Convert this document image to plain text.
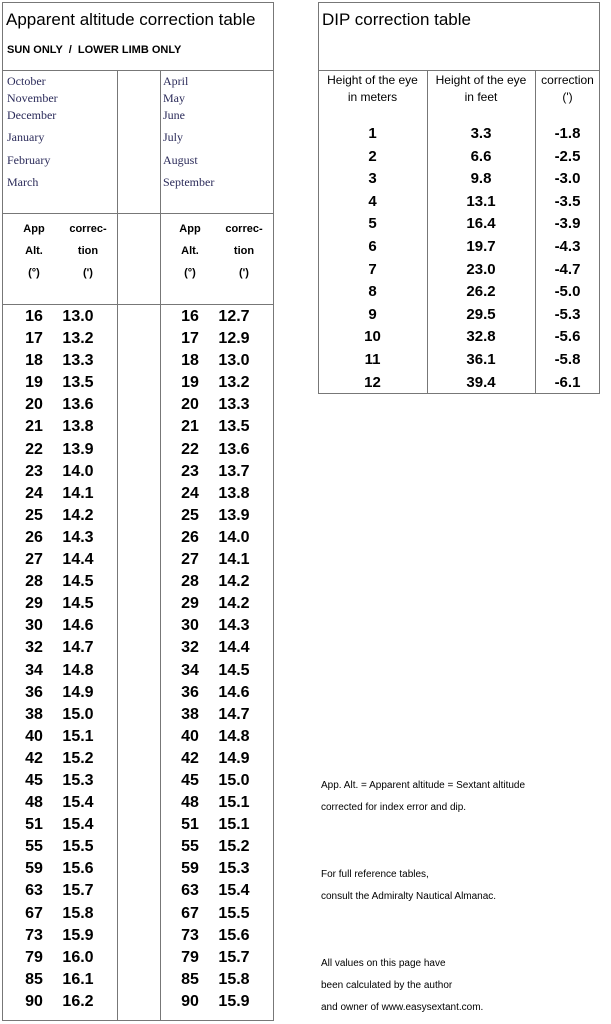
Apparent altitude correction table
SUN ONLY  /  LOWER LIMB ONLY
October
November
December
January
February
March
April
May
June
July
August
September
App
Alt.
(°)
correc-
tion
(')
App
Alt.
(°)
correc-
tion
(')
16	13.0
17	13.2
18	13.3
19	13.5
20	13.6
21	13.8
22	13.9
23	14.0
24	14.1
25	14.2
26	14.3
27	14.4
28	14.5
29	14.5
30	14.6
32	14.7
34	14.8
36	14.9
38	15.0
40	15.1
42	15.2
45	15.3
48	15.4
51	15.4
55	15.5
59	15.6
63	15.7
67	15.8
73	15.9
79	16.0
85	16.1
90	16.2
16	12.7
17	12.9
18	13.0
19	13.2
20	13.3
21	13.5
22	13.6
23	13.7
24	13.8
25	13.9
26	14.0
27	14.1
28	14.2
29	14.2
30	14.3
32	14.4
34	14.5
36	14.6
38	14.7
40	14.8
42	14.9
45	15.0
48	15.1
51	15.1
55	15.2
59	15.3
63	15.4
67	15.5
73	15.6
79	15.7
85	15.8
90	15.9
DIP correction table
Height of the eye
in meters
Height of the eye
in feet
correction
(')
1	3.3	-1.8
2	6.6	-2.5
3	9.8	-3.0
4	13.1	-3.5
5	16.4	-3.9
6	19.7	-4.3
7	23.0	-4.7
8	26.2	-5.0
9	29.5	-5.3
10	32.8	-5.6
11	36.1	-5.8
12	39.4	-6.1
App. Alt. = Apparent altitude = Sextant altitude
corrected for index error and dip.
For full reference tables,
consult the Admiralty Nautical Almanac.
All values on this page have
been calculated by the author
and owner of www.easysextant.com.
